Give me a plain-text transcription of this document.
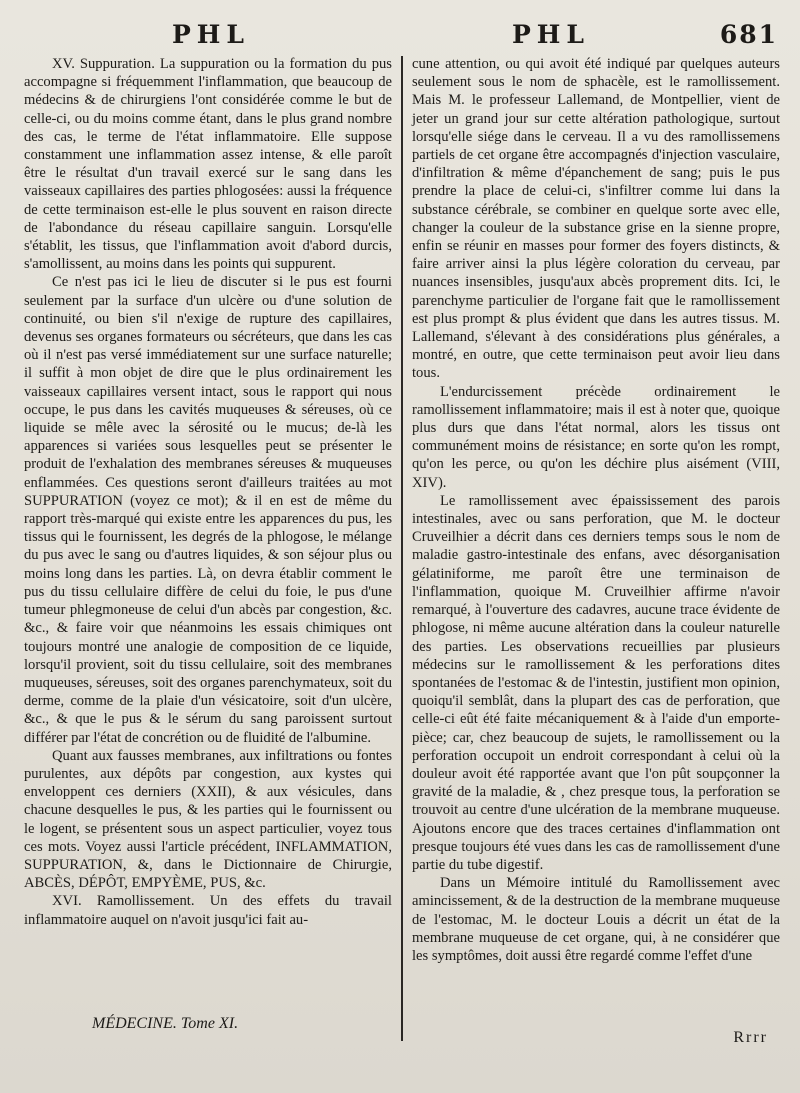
PHL	PHL	681

XV. Suppuration. La suppuration ou la formation du pus accompagne si fréquemment l'inflammation, que beaucoup de médecins & de chirurgiens l'ont considérée comme le but de celle-ci, ou du moins comme étant, dans le plus grand nombre des cas, le terme de l'état inflammatoire. Elle suppose constamment une inflammation assez intense, & elle paroît être le résultat d'un travail exercé sur le sang dans les vaisseaux capillaires des parties phlogosées: aussi la fréquence de cette terminaison est-elle le plus souvent en raison directe de l'abondance du réseau capillaire sanguin. Lorsqu'elle s'établit, les tissus, que l'inflammation avoit d'abord durcis, s'amollissent, au moins dans les points qui suppurent.

Ce n'est pas ici le lieu de discuter si le pus est fourni seulement par la surface d'un ulcère ou d'une solution de continuité, ou bien s'il n'exige de rupture des capillaires, devenus ses organes formateurs ou sécréteurs, que dans les cas où il n'est pas versé immédiatement sur une surface naturelle; il suffit à mon objet de dire que le plus ordinairement les vaisseaux capillaires versent intact, sous le rapport qui nous occupe, le pus dans les cavités muqueuses & séreuses, où ce liquide se mêle avec la sérosité ou le mucus; de-là les apparences si variées sous lesquelles peut se présenter le produit de l'exhalation des membranes séreuses & muqueuses enflammées. Ces questions seront d'ailleurs traitées au mot SUPPURATION (voyez ce mot); & il en est de même du rapport très-marqué qui existe entre les apparences du pus, les tissus qui le fournissent, les degrés de la phlogose, le mélange du pus avec le sang ou d'autres liquides, & son séjour plus ou moins long dans les parties. Là, on devra établir comment le pus du tissu cellulaire diffère de celui du foie, le pus d'une tumeur phlegmoneuse de celui d'un abcès par congestion, &c. &c., & faire voir que néanmoins les essais chimiques ont toujours montré une analogie de composition de ce liquide, lorsqu'il provient, soit du tissu cellulaire, soit des membranes muqueuses, séreuses, soit des organes parenchymateux, soit du derme, comme de la plaie d'un vésicatoire, soit d'un ulcère, &c., & que le pus & le sérum du sang paroissent surtout différer par l'état de concrétion ou de fluidité de l'albumine.

Quant aux fausses membranes, aux infiltrations ou fontes purulentes, aux dépôts par congestion, aux kystes qui enveloppent ces derniers (XXII), & aux vésicules, dans chacune desquelles le pus, & les parties qui le fournissent ou le logent, se présentent sous un aspect particulier, voyez tous ces mots. Voyez aussi l'article précédent, INFLAMMATION, SUPPURATION, &, dans le Dictionnaire de Chirurgie, ABCÈS, DÉPÔT, EMPYÈME, PUS, &c.

XVI. Ramollissement. Un des effets du travail inflammatoire auquel on n'avoit jusqu'ici fait au-

cune attention, ou qui avoit été indiqué par quelques auteurs seulement sous le nom de sphacèle, est le ramollissement. Mais M. le professeur Lallemand, de Montpellier, vient de jeter un grand jour sur cette altération pathologique, surtout lorsqu'elle siége dans le cerveau. Il a vu des ramollissemens partiels de cet organe être accompagnés d'injection vasculaire, d'infiltration & même d'épanchement de sang; puis le pus prendre la place de celui-ci, s'infiltrer comme lui dans la substance cérébrale, se combiner en quelque sorte avec elle, changer la couleur de la substance grise en la sienne propre, enfin se réunir en masses pour former des foyers distincts, & faire arriver ainsi la plus légère coloration du cerveau, par nuances insensibles, jusqu'aux abcès proprement dits. Ici, le parenchyme particulier de l'organe fait que le ramollissement est plus prompt & plus évident que dans les autres tissus. M. Lallemand, s'élevant à des considérations plus générales, a montré, en outre, que cette terminaison peut avoir lieu dans tous.

L'endurcissement précède ordinairement le ramollissement inflammatoire; mais il est à noter que, quoique plus durs que dans l'état normal, alors les tissus ont communément moins de résistance; en sorte qu'on les rompt, qu'on les perce, ou qu'on les déchire plus aisément (VIII, XIV).

Le ramollissement avec épaississement des parois intestinales, avec ou sans perforation, que M. le docteur Cruveilhier a décrit dans ces derniers temps sous le nom de maladie gastro-intestinale des enfans, avec désorganisation gélatiniforme, me paroît être une terminaison de l'inflammation, quoique M. Cruveilhier affirme n'avoir remarqué, à l'ouverture des cadavres, aucune trace évidente de phlogose, ni même aucune altération dans la couleur naturelle des parties. Les observations recueillies par plusieurs médecins sur le ramollissement & les perforations dites spontanées de l'estomac & de l'intestin, justifient mon opinion, quoiqu'il semblât, dans la plupart des cas de perforation, que celle-ci eût été faite mécaniquement & à l'aide d'un emporte-pièce; car, chez beaucoup de sujets, le ramollissement ou la perforation occupoit un endroit correspondant à celui où la douleur avoit été rapportée avant que l'on pût soupçonner la gravité de la maladie, & , chez presque tous, la perforation se trouvoit au centre d'une ulcération de la membrane muqueuse. Ajoutons encore que des traces certaines d'inflammation ont presque toujours été vues dans les cas de ramollissement d'une partie du tube digestif.

Dans un Mémoire intitulé du Ramollissement avec amincissement, & de la destruction de la membrane muqueuse de l'estomac, M. le docteur Louis a décrit un état de la membrane muqueuse de cet organe, qui, à ne considérer que les symptômes, doit aussi être regardé comme l'effet d'une

MÉDECINE. Tome XI.
Rrrr
